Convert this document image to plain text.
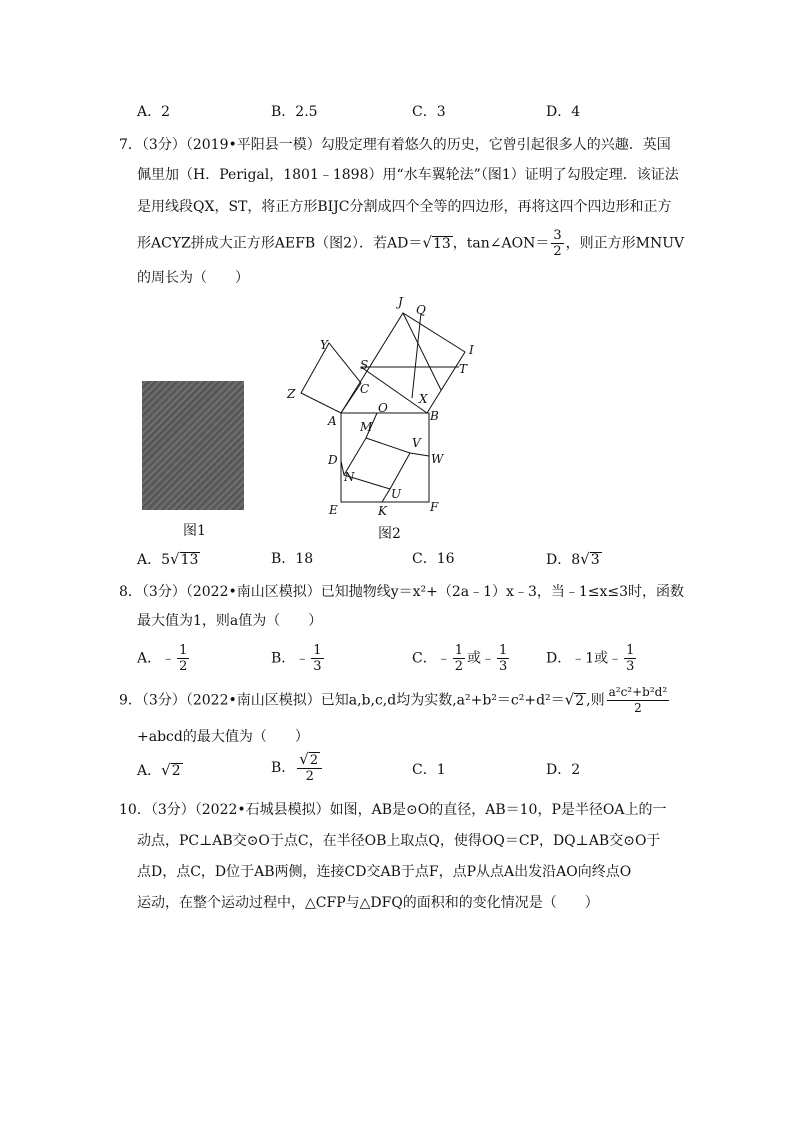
A．2	B．2.5	C．3	D．4
7．（3分）（2019•平阳县一模）勾股定理有着悠久的历史，它曾引起很多人的兴趣．英国
佩里加（H．Perigal，1801﹣1898）用“水车翼轮法”（图1）证明了勾股定理．该证法
是用线段QX，ST，将正方形BIJC分割成四个全等的四边形，再将这四个四边形和正方
形ACYZ拼成大正方形AEFB（图2）．若AD＝√13 ，tan∠AON＝ $\frac{3}{2}$ ，则正方形MNUV
的周长为（　　）
图1
J
Q
I
T
Y
S
C
X
B
Z
A
O
M
V
W
D
N
U
E	K	F
图2
A．5√13	B．18	C．16	D．8√3
8．（3分）（2022•南山区模拟）已知抛物线y＝x²+（2a﹣1）x﹣3，当﹣1≤x≤3时，函数
最大值为1，则a值为（　　）
A．﹣ $\frac{1}{2}$	B．﹣ $\frac{1}{3}$	C．﹣ $\frac{1}{2}$ 或﹣ $\frac{1}{3}$	D．﹣1或﹣ $\frac{1}{3}$
9．（3分）（2022•南山区模拟）已知a,b,c,d均为实数,a²+b²＝c²+d²＝√2 ,则 $\frac{\text{a²c²+b²d²}}{2}$
+abcd的最大值为（　　）
A．√2	B． $\frac{√2}{2}$	C．1	D．2
10．（3分）（2022•石城县模拟）如图，AB是⊙O的直径，AB＝10，P是半径OA上的一
动点，PC⊥AB交⊙O于点C，在半径OB上取点Q，使得OQ＝CP，DQ⊥AB交⊙O于
点D，点C，D位于AB两侧，连接CD交AB于点F，点P从点A出发沿AO向终点O
运动，在整个运动过程中，△CFP与△DFQ的面积和的变化情况是（　　）
